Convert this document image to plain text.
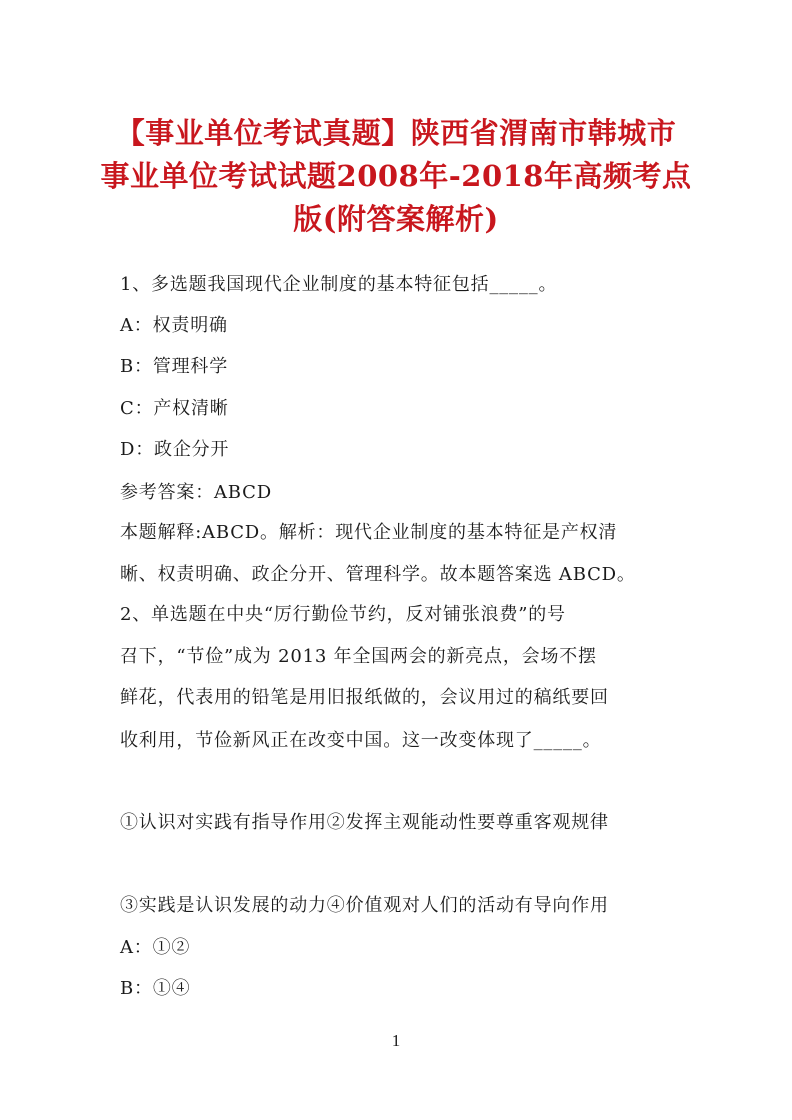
【事业单位考试真题】陕西省渭南市韩城市
事业单位考试试题2008年-2018年高频考点
版(附答案解析)
1、多选题我国现代企业制度的基本特征包括_____。
A：权责明确
B：管理科学
C：产权清晰
D：政企分开
参考答案：ABCD
本题解释:ABCD。解析：现代企业制度的基本特征是产权清
晰、权责明确、政企分开、管理科学。故本题答案选 ABCD。
2、单选题在中央“厉行勤俭节约，反对铺张浪费”的号
召下，“节俭”成为 2013 年全国两会的新亮点，会场不摆
鲜花，代表用的铅笔是用旧报纸做的，会议用过的稿纸要回
收利用，节俭新风正在改变中国。这一改变体现了_____。
①认识对实践有指导作用②发挥主观能动性要尊重客观规律
③实践是认识发展的动力④价值观对人们的活动有导向作用
A：①②
B：①④
1
